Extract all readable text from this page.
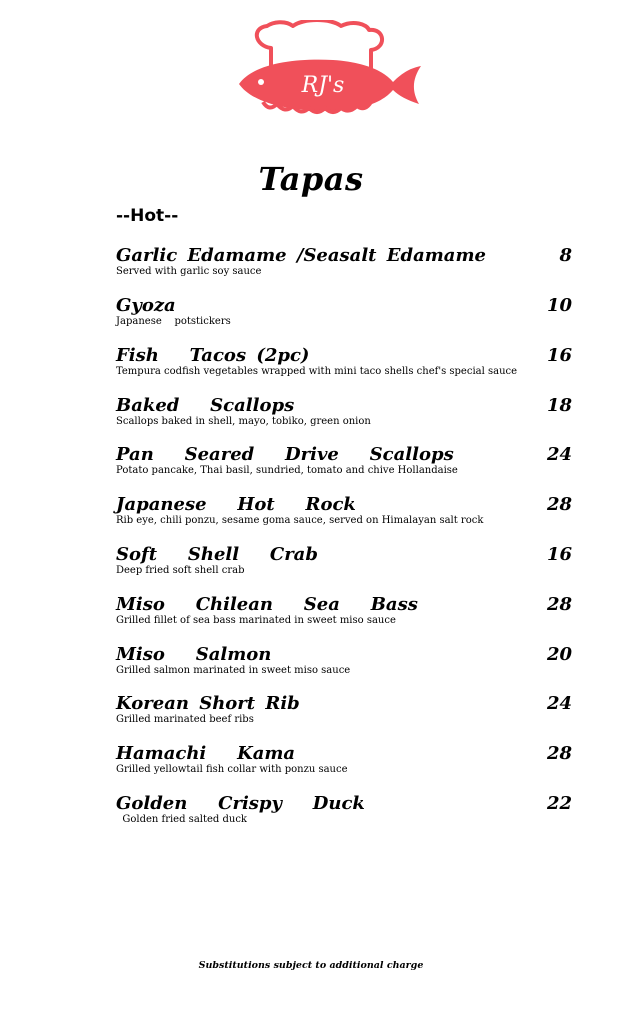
RJ's
Tapas
--Hot--
Garlic Edamame /Seasalt Edamame	8
Served with garlic soy sauce
Gyoza	10
Japanese    potstickers
Fish   Tacos (2pc)	16
Tempura codfish vegetables wrapped with mini taco shells chef's special sauce
Baked   Scallops	18
Scallops baked in shell, mayo, tobiko, green onion
Pan   Seared   Drive   Scallops	24
Potato pancake, Thai basil, sundried, tomato and chive Hollandaise
Japanese   Hot   Rock	28
Rib eye, chili ponzu, sesame goma sauce, served on Himalayan salt rock
Soft   Shell   Crab	16
Deep fried soft shell crab
Miso   Chilean   Sea   Bass	28
Grilled fillet of sea bass marinated in sweet miso sauce
Miso   Salmon	20
Grilled salmon marinated in sweet miso sauce
Korean Short Rib	24
Grilled marinated beef ribs
Hamachi   Kama	28
Grilled yellowtail fish collar with ponzu sauce
Golden   Crispy   Duck	22
Golden fried salted duck
Substitutions subject to additional charge
